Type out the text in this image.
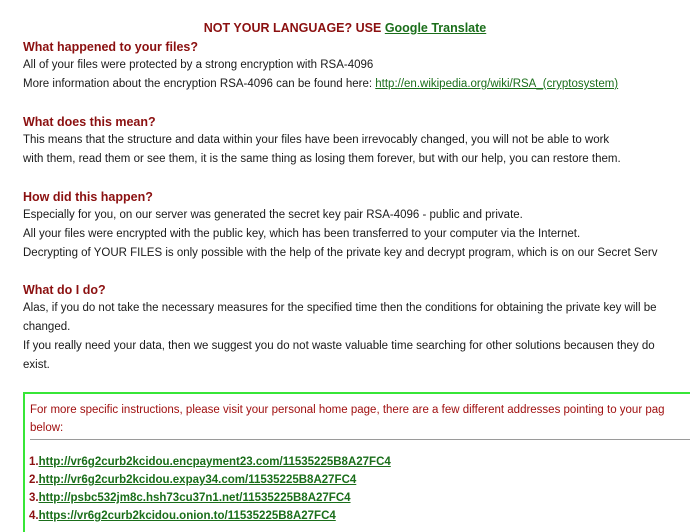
NOT YOUR LANGUAGE? USE Google Translate
What happened to your files?
All of your files were protected by a strong encryption with RSA-4096
More information about the encryption RSA-4096 can be found here: http://en.wikipedia.org/wiki/RSA_(cryptosystem)
What does this mean?
This means that the structure and data within your files have been irrevocably changed, you will not be able to work
with them, read them or see them, it is the same thing as losing them forever, but with our help, you can restore them.
How did this happen?
Especially for you, on our server was generated the secret key pair RSA-4096 - public and private.
All your files were encrypted with the public key, which has been transferred to your computer via the Internet.
Decrypting of YOUR FILES is only possible with the help of the private key and decrypt program, which is on our Secret Serv
What do I do?
Alas, if you do not take the necessary measures for the specified time then the conditions for obtaining the private key will be
changed.
If you really need your data, then we suggest you do not waste valuable time searching for other solutions becausen they do
exist.
For more specific instructions, please visit your personal home page, there are a few different addresses pointing to your pag
below:
1.http://vr6g2curb2kcidou.encpayment23.com/11535225B8A27FC4
2.http://vr6g2curb2kcidou.expay34.com/11535225B8A27FC4
3.http://psbc532jm8c.hsh73cu37n1.net/11535225B8A27FC4
4.https://vr6g2curb2kcidou.onion.to/11535225B8A27FC4
